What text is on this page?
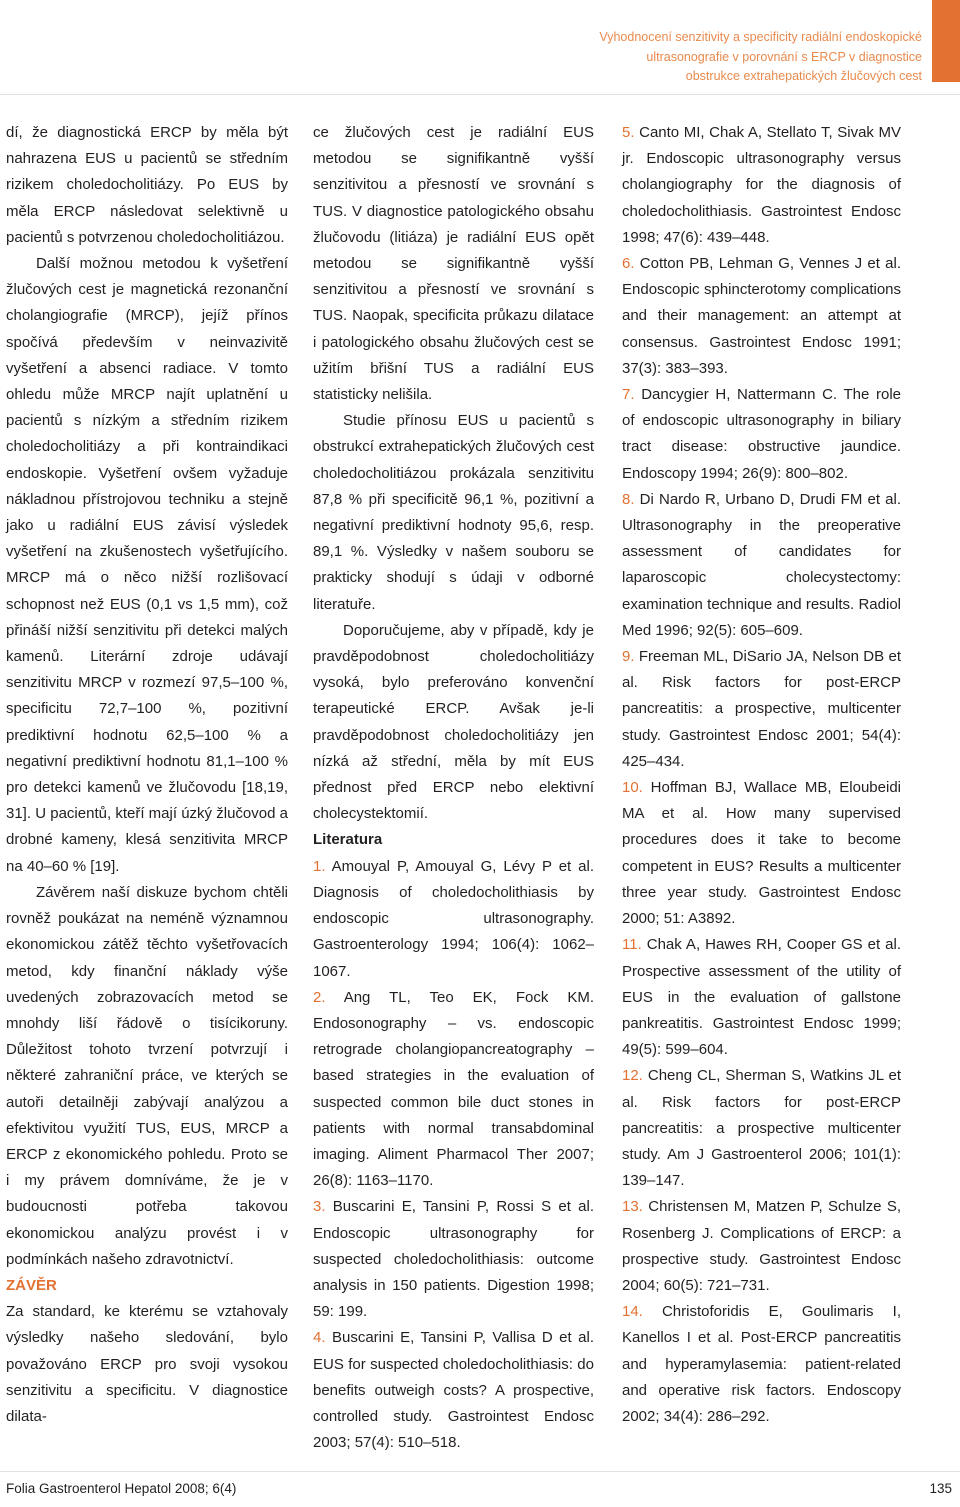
Vyhodnocení senzitivity a specificity radiální endoskopické
ultrasonografie v porovnání s ERCP v diagnostice
obstrukce extrahepatických žlučových cest

dí, že diagnostická ERCP by měla být nahrazena EUS u pacientů se středním rizikem choledocholitiázy. Po EUS by měla ERCP následovat selektivně u pacientů s potvrzenou choledocholitiázou.

Další možnou metodou k vyšetření žlučových cest je magnetická rezonanční cholangiografie (MRCP), jejíž přínos spočívá především v neinvazivitě vyšetření a absenci radiace. V tomto ohledu může MRCP najít uplatnění u pacientů s nízkým a středním rizikem choledocholitiázy a při kontraindikaci endoskopie. Vyšetření ovšem vyžaduje nákladnou přístrojovou techniku a stejně jako u radiální EUS závisí výsledek vyšetření na zkušenostech vyšetřujícího. MRCP má o něco nižší rozlišovací schopnost než EUS (0,1 vs 1,5 mm), což přináší nižší senzitivitu při detekci malých kamenů. Literární zdroje udávají senzitivitu MRCP v rozmezí 97,5–100 %, specificitu 72,7–100 %, pozitivní prediktivní hodnotu 62,5–100 % a negativní prediktivní hodnotu 81,1–100 % pro detekci kamenů ve žlučovodu [18,19, 31]. U pacientů, kteří mají úzký žlučovod a drobné kameny, klesá senzitivita MRCP na 40–60 % [19].

Závěrem naší diskuze bychom chtěli rovněž poukázat na neméně významnou ekonomickou zátěž těchto vyšetřovacích metod, kdy finanční náklady výše uvedených zobrazovacích metod se mnohdy liší řádově o tisícikoruny. Důležitost tohoto tvrzení potvrzují i některé zahraniční práce, ve kterých se autoři detailněji zabývají analýzou a efektivitou využití TUS, EUS, MRCP a ERCP z ekonomického pohledu. Proto se i my právem domníváme, že je v budoucnosti potřeba takovou ekonomickou analýzu provést i v podmínkách našeho zdravotnictví.

ZÁVĚR

Za standard, ke kterému se vztahovaly výsledky našeho sledování, bylo považováno ERCP pro svoji vysokou senzitivitu a specificitu. V diagnostice dilata-

ce žlučových cest je radiální EUS metodou se signifikantně vyšší senzitivitou a přesností ve srovnání s TUS. V diagnostice patologického obsahu žlučovodu (litiáza) je radiální EUS opět metodou se signifikantně vyšší senzitivitou a přesností ve srovnání s TUS. Naopak, specificita průkazu dilatace i patologického obsahu žlučových cest se užitím břišní TUS a radiální EUS statisticky nelišila.

Studie přínosu EUS u pacientů s obstrukcí extrahepatických žlučových cest choledocholitiázou prokázala senzitivitu 87,8 % při specificitě 96,1 %, pozitivní a negativní prediktivní hodnoty 95,6, resp. 89,1 %. Výsledky v našem souboru se prakticky shodují s údaji v odborné literatuře.

Doporučujeme, aby v případě, kdy je pravděpodobnost choledocholitiázy vysoká, bylo preferováno konvenční terapeutické ERCP. Avšak je-li pravděpodobnost choledocholitiázy jen nízká až střední, měla by mít EUS přednost před ERCP nebo elektivní cholecystektomií.

Literatura

1. Amouyal P, Amouyal G, Lévy P et al. Diagnosis of choledocholithiasis by endoscopic ultrasonography. Gastroenterology 1994; 106(4): 1062–1067.

2. Ang TL, Teo EK, Fock KM. Endosonography – vs. endoscopic retrograde cholangiopancreatography – based strategies in the evaluation of suspected common bile duct stones in patients with normal transabdominal imaging. Aliment Pharmacol Ther 2007; 26(8): 1163–1170.

3. Buscarini E, Tansini P, Rossi S et al. Endoscopic ultrasonography for suspected choledocholithiasis: outcome analysis in 150 patients. Digestion 1998; 59: 199.

4. Buscarini E, Tansini P, Vallisa D et al. EUS for suspected choledocholithiasis: do benefits outweigh costs? A prospective, controlled study. Gastrointest Endosc 2003; 57(4): 510–518.

5. Canto MI, Chak A, Stellato T, Sivak MV jr. Endoscopic ultrasonography versus cholangiography for the diagnosis of choledocholithiasis. Gastrointest Endosc 1998; 47(6): 439–448.

6. Cotton PB, Lehman G, Vennes J et al. Endoscopic sphincterotomy complications and their management: an attempt at consensus. Gastrointest Endosc 1991; 37(3): 383–393.

7. Dancygier H, Nattermann C. The role of endoscopic ultrasonography in biliary tract disease: obstructive jaundice. Endoscopy 1994; 26(9): 800–802.

8. Di Nardo R, Urbano D, Drudi FM et al. Ultrasonography in the preoperative assessment of candidates for laparoscopic cholecystectomy: examination technique and results. Radiol Med 1996; 92(5): 605–609.

9. Freeman ML, DiSario JA, Nelson DB et al. Risk factors for post-ERCP pancreatitis: a prospective, multicenter study. Gastrointest Endosc 2001; 54(4): 425–434.

10. Hoffman BJ, Wallace MB, Eloubeidi MA et al. How many supervised procedures does it take to become competent in EUS? Results a multicenter three year study. Gastrointest Endosc 2000; 51: A3892.

11. Chak A, Hawes RH, Cooper GS et al. Prospective assessment of the utility of EUS in the evaluation of gallstone pankreatitis. Gastrointest Endosc 1999; 49(5): 599–604.

12. Cheng CL, Sherman S, Watkins JL et al. Risk factors for post-ERCP pancreatitis: a prospective multicenter study. Am J Gastroenterol 2006; 101(1): 139–147.

13. Christensen M, Matzen P, Schulze S, Rosenberg J. Complications of ERCP: a prospective study. Gastrointest Endosc 2004; 60(5): 721–731.

14. Christoforidis E, Goulimaris I, Kanellos I et al. Post-ERCP pancreatitis and hyperamylasemia: patient-related and operative risk factors. Endoscopy 2002; 34(4): 286–292.

Folia Gastroenterol Hepatol 2008; 6(4)	135
